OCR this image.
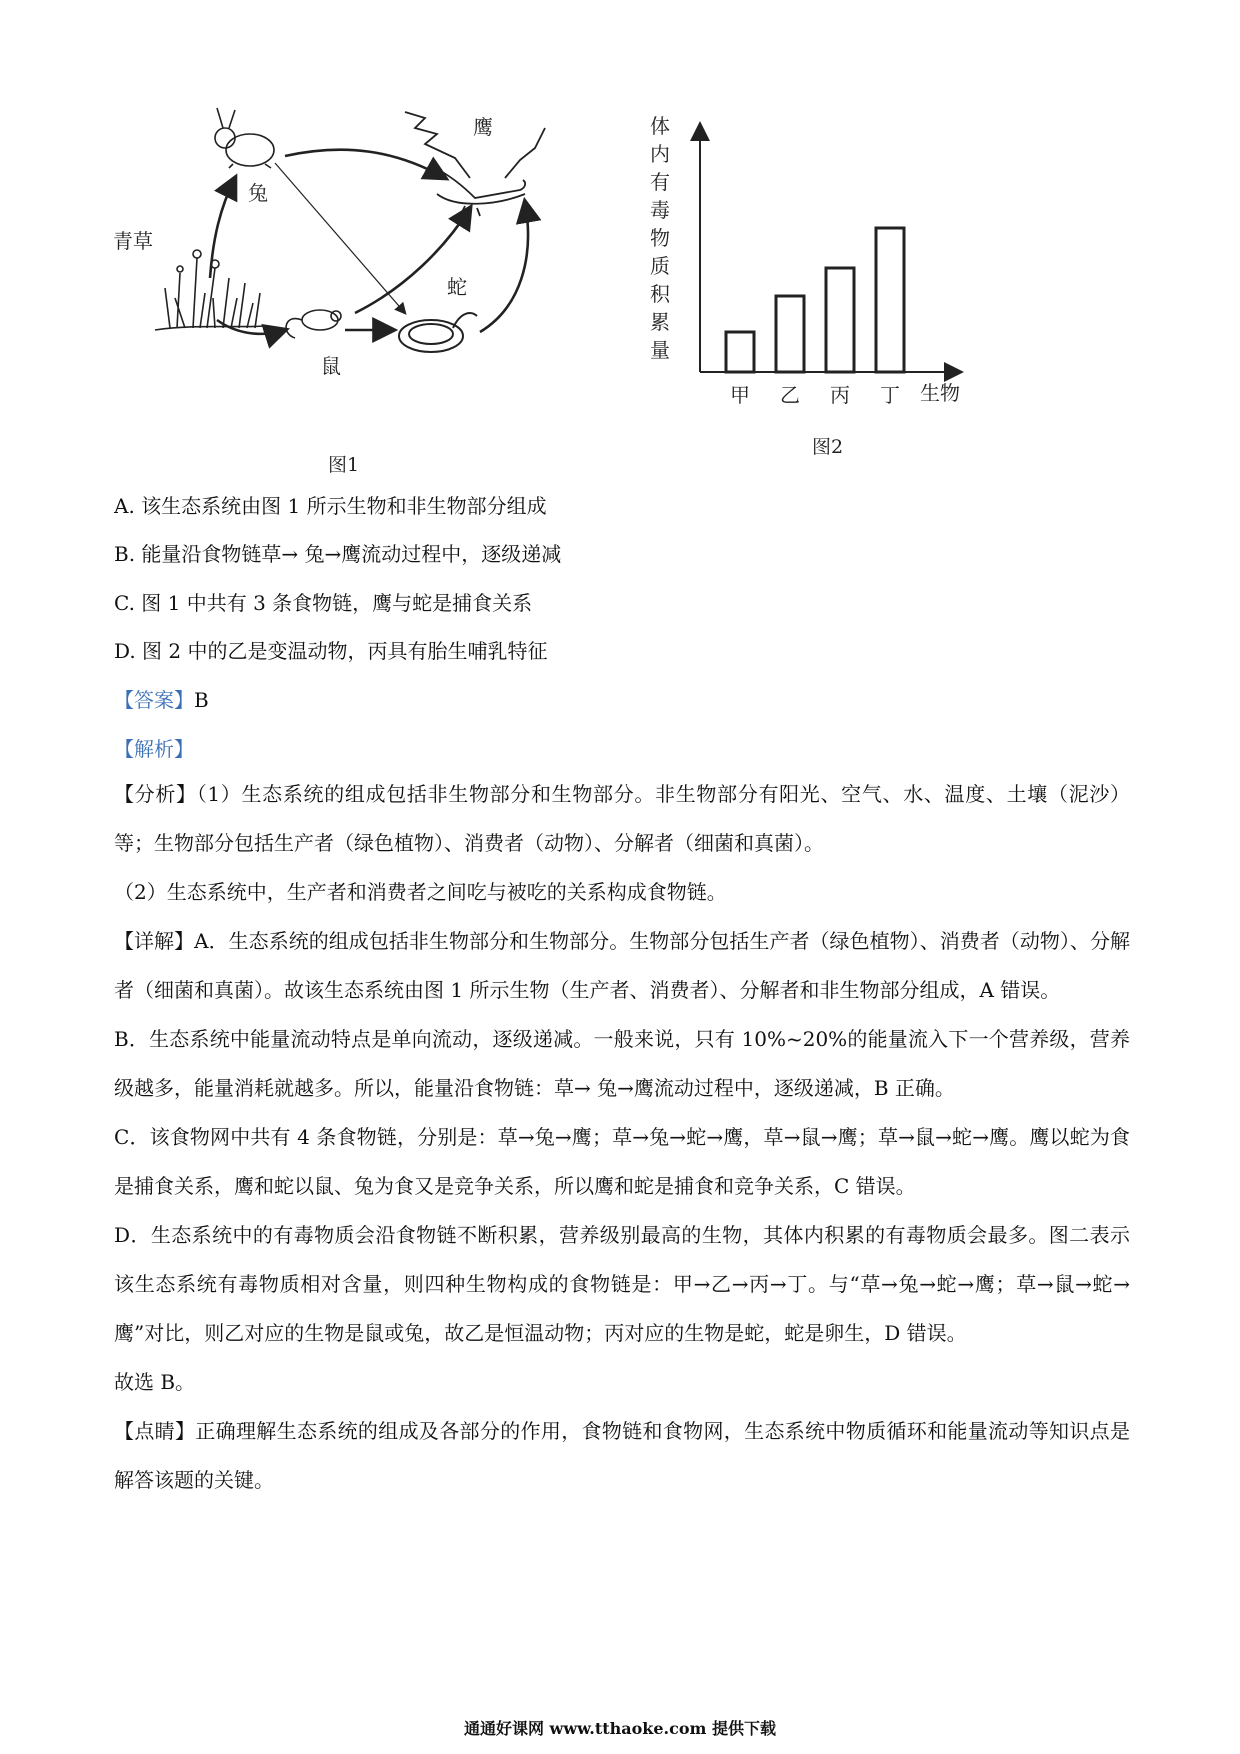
青草
兔
鼠
蛇
鹰
图1
体
内
有
毒
物
质
积
累
量
甲 乙 丙 丁 生物
图2
A. 该生态系统由图 1 所示生物和非生物部分组成
B. 能量沿食物链草→ 兔→鹰流动过程中，逐级递减
C. 图 1 中共有 3 条食物链，鹰与蛇是捕食关系
D. 图 2 中的乙是变温动物，丙具有胎生哺乳特征
【答案】B
【解析】
【分析】（1）生态系统的组成包括非生物部分和生物部分。非生物部分有阳光、空气、水、温度、土壤（泥沙）等；生物部分包括生产者（绿色植物）、消费者（动物）、分解者（细菌和真菌）。
（2）生态系统中，生产者和消费者之间吃与被吃的关系构成食物链。
【详解】A．生态系统的组成包括非生物部分和生物部分。生物部分包括生产者（绿色植物）、消费者（动物）、分解者（细菌和真菌）。故该生态系统由图 1 所示生物（生产者、消费者）、分解者和非生物部分组成，A 错误。
B．生态系统中能量流动特点是单向流动，逐级递减。一般来说，只有 10%~20%的能量流入下一个营养级，营养级越多，能量消耗就越多。所以，能量沿食物链：草→ 兔→鹰流动过程中，逐级递减，B 正确。
C．该食物网中共有 4 条食物链，分别是：草→兔→鹰；草→兔→蛇→鹰，草→鼠→鹰；草→鼠→蛇→鹰。鹰以蛇为食是捕食关系，鹰和蛇以鼠、兔为食又是竞争关系，所以鹰和蛇是捕食和竞争关系，C 错误。
D．生态系统中的有毒物质会沿食物链不断积累，营养级别最高的生物，其体内积累的有毒物质会最多。图二表示该生态系统有毒物质相对含量，则四种生物构成的食物链是：甲→乙→丙→丁。与“草→兔→蛇→鹰；草→鼠→蛇→鹰”对比，则乙对应的生物是鼠或兔，故乙是恒温动物；丙对应的生物是蛇，蛇是卵生，D 错误。
故选 B。
【点睛】正确理解生态系统的组成及各部分的作用，食物链和食物网，生态系统中物质循环和能量流动等知识点是解答该题的关键。
通通好课网 www.tthaoke.com 提供下载
